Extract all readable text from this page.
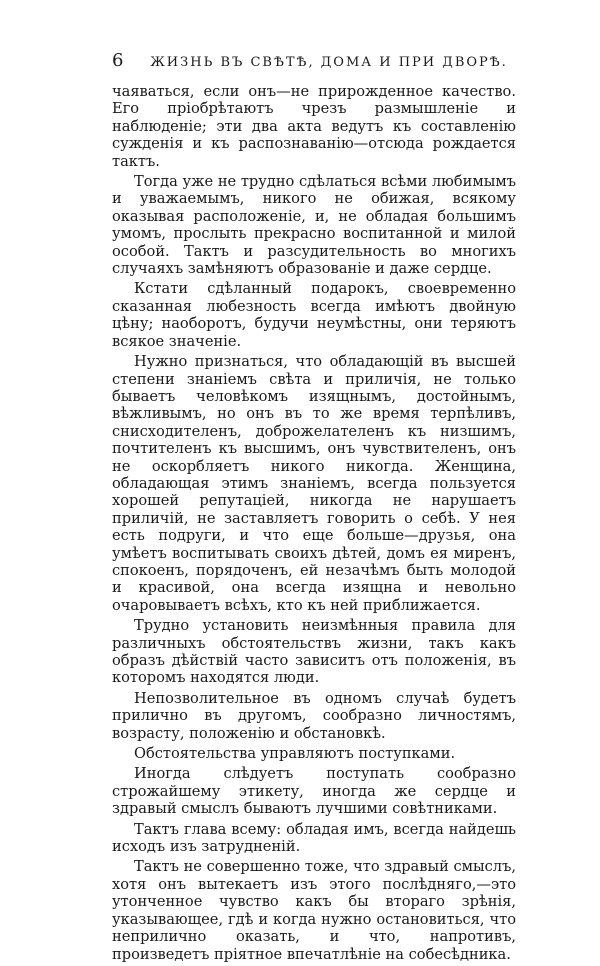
6	ЖИЗНЬ ВЪ СВѢТѢ, ДОМА И ПРИ ДВОРѢ.

чаяваться, если онъ—не прирожденное качество. Его пріобрѣтаютъ чрезъ размышленіе и наблюденіе; эти два акта ведутъ къ составленію сужденія и къ распознаванію—отсюда рождается тактъ.

Тогда уже не трудно сдѣлаться всѣми любимымъ и уважаемымъ, никого не обижая, всякому оказывая расположеніе, и, не обладая большимъ умомъ, прослыть прекрасно воспитанной и милой особой. Тактъ и разсудительность во многихъ случаяхъ замѣняютъ образованіе и даже сердце.

Кстати сдѣланный подарокъ, своевременно сказанная любезность всегда имѣютъ двойную цѣну; наоборотъ, будучи неумѣстны, они теряютъ всякое значеніе.

Нужно признаться, что обладающій въ высшей степени знаніемъ свѣта и приличія, не только бываетъ человѣкомъ изящнымъ, достойнымъ, вѣжливымъ, но онъ въ то же время терпѣливъ, снисходителенъ, доброжелателенъ къ низшимъ, почтителенъ къ высшимъ, онъ чувствителенъ, онъ не оскорбляетъ никого никогда. Женщина, обладающая этимъ знаніемъ, всегда пользуется хорошей репутаціей, никогда не нарушаетъ приличій, не заставляетъ говорить о себѣ. У нея есть подруги, и что еще больше—друзья, она умѣетъ воспитывать своихъ дѣтей, домъ ея миренъ, спокоенъ, порядоченъ, ей незачѣмъ быть молодой и красивой, она всегда изящна и невольно очаровываетъ всѣхъ, кто къ ней приближается.

Трудно установить неизмѣнныя правила для различныхъ обстоятельствъ жизни, такъ какъ образъ дѣйствій часто зависитъ отъ положенія, въ которомъ находятся люди.

Непозволительное въ одномъ случаѣ будетъ прилично въ другомъ, сообразно личностямъ, возрасту, положенію и обстановкѣ.

Обстоятельства управляютъ поступками.

Иногда слѣдуетъ поступать сообразно строжайшему этикету, иногда же сердце и здравый смыслъ бываютъ лучшими совѣтниками.

Тактъ глава всему: обладая имъ, всегда найдешь исходъ изъ затрудненій.

Тактъ не совершенно тоже, что здравый смыслъ, хотя онъ вытекаетъ изъ этого послѣдняго,—это утонченное чувство какъ бы вторагo зрѣнія, указывающее, гдѣ и когда нужно остановиться, что неприлично оказать, и что, напротивъ, произведетъ пріятное впечатлѣніе на собесѣдника.
